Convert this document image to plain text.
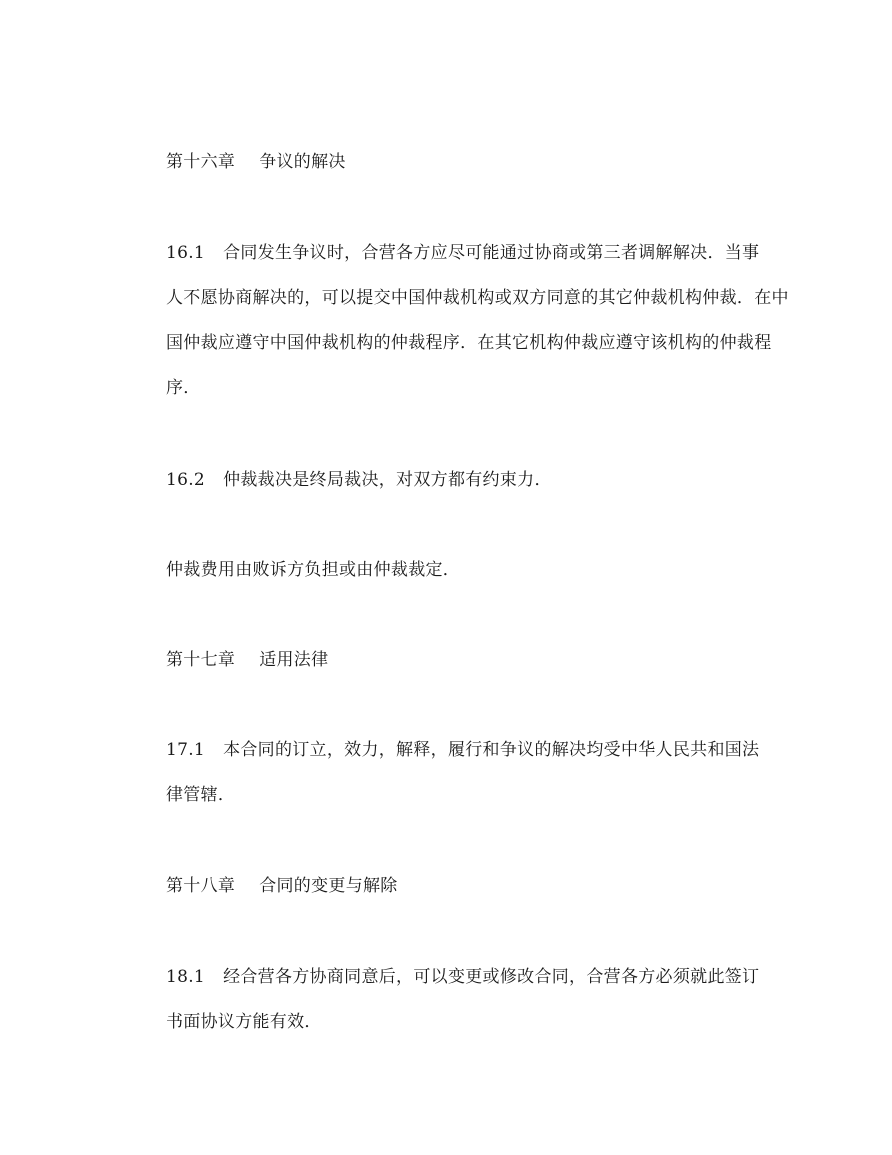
第十六章 争议的解决
16.1 合同发生争议时，合营各方应尽可能通过协商或第三者调解解决．当事
人不愿协商解决的，可以提交中国仲裁机构或双方同意的其它仲裁机构仲裁．在中
国仲裁应遵守中国仲裁机构的仲裁程序．在其它机构仲裁应遵守该机构的仲裁程
序．
16.2 仲裁裁决是终局裁决，对双方都有约束力．
仲裁费用由败诉方负担或由仲裁裁定．
第十七章 适用法律
17.1 本合同的订立，效力，解释，履行和争议的解决均受中华人民共和国法
律管辖．
第十八章 合同的变更与解除
18.1 经合营各方协商同意后，可以变更或修改合同，合营各方必须就此签订
书面协议方能有效．
